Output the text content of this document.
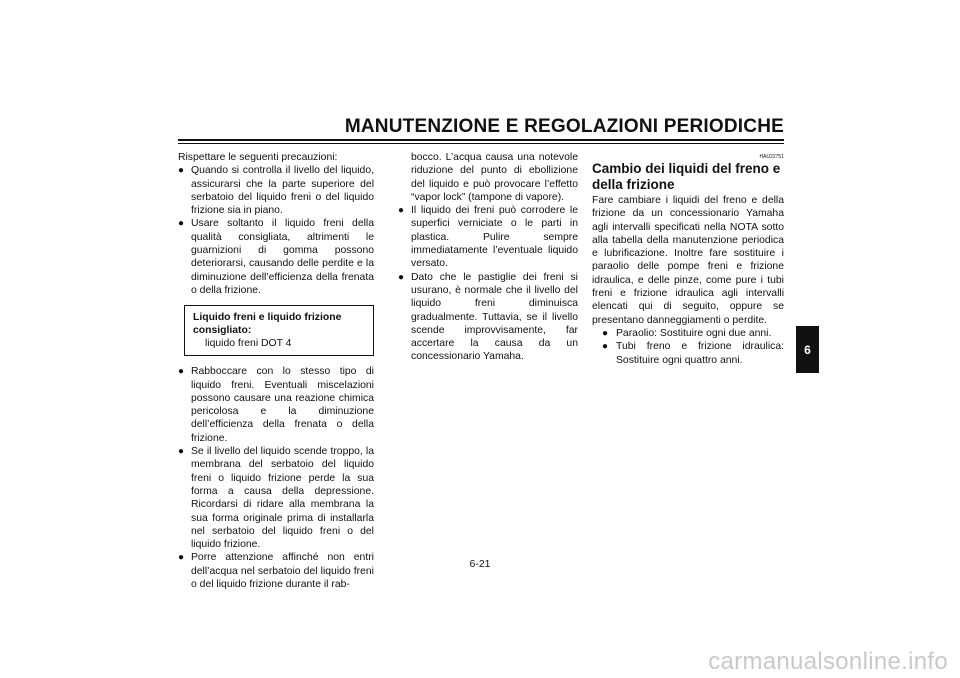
MANUTENZIONE E REGOLAZIONI PERIODICHE
Rispettare le seguenti precauzioni:
● Quando si controlla il livello del liquido, assicurarsi che la parte superiore del serbatoio del liquido freni o del liquido frizione sia in piano.
● Usare soltanto il liquido freni della qualità consigliata, altrimenti le guarnizioni di gomma possono deteriorarsi, causando delle perdite e la diminuzione dell’efficienza della frenata o della frizione.
Liquido freni e liquido frizione consigliato:
liquido freni DOT 4
● Rabboccare con lo stesso tipo di liquido freni. Eventuali miscelazioni possono causare una reazione chimica pericolosa e la diminuzione dell’efficienza della frenata o della frizione.
● Se il livello del liquido scende troppo, la membrana del serbatoio del liquido freni o liquido frizione perde la sua forma a causa della depressione. Ricordarsi di ridare alla membrana la sua forma originale prima di installarla nel serbatoio del liquido freni o del liquido frizione.
● Porre attenzione affinché non entri dell’acqua nel serbatoio del liquido freni o del liquido frizione durante il rab-
bocco. L’acqua causa una notevole riduzione del punto di ebollizione del liquido e può provocare l’effetto “vapor lock” (tampone di vapore).
● Il liquido dei freni può corrodere le superfici verniciate o le parti in plastica. Pulire sempre immediatamente l’eventuale liquido versato.
● Dato che le pastiglie dei freni si usurano, è normale che il livello del liquido freni diminuisca gradualmente. Tuttavia, se il livello scende improvvisamente, far accertare la causa da un concessionario Yamaha.
HAU22751
Cambio dei liquidi del freno e della frizione
Fare cambiare i liquidi del freno e della frizione da un concessionario Yamaha agli intervalli specificati nella NOTA sotto alla tabella della manutenzione periodica e lubrificazione. Inoltre fare sostituire i paraolio delle pompe freni e frizione idraulica, e delle pinze, come pure i tubi freni e frizione idraulica agli intervalli elencati qui di seguito, oppure se presentano danneggiamenti o perdite.
● Paraolio: Sostituire ogni due anni.
● Tubi freno e frizione idraulica: Sostituire ogni quattro anni.
6
6-21
carmanualsonline.info
